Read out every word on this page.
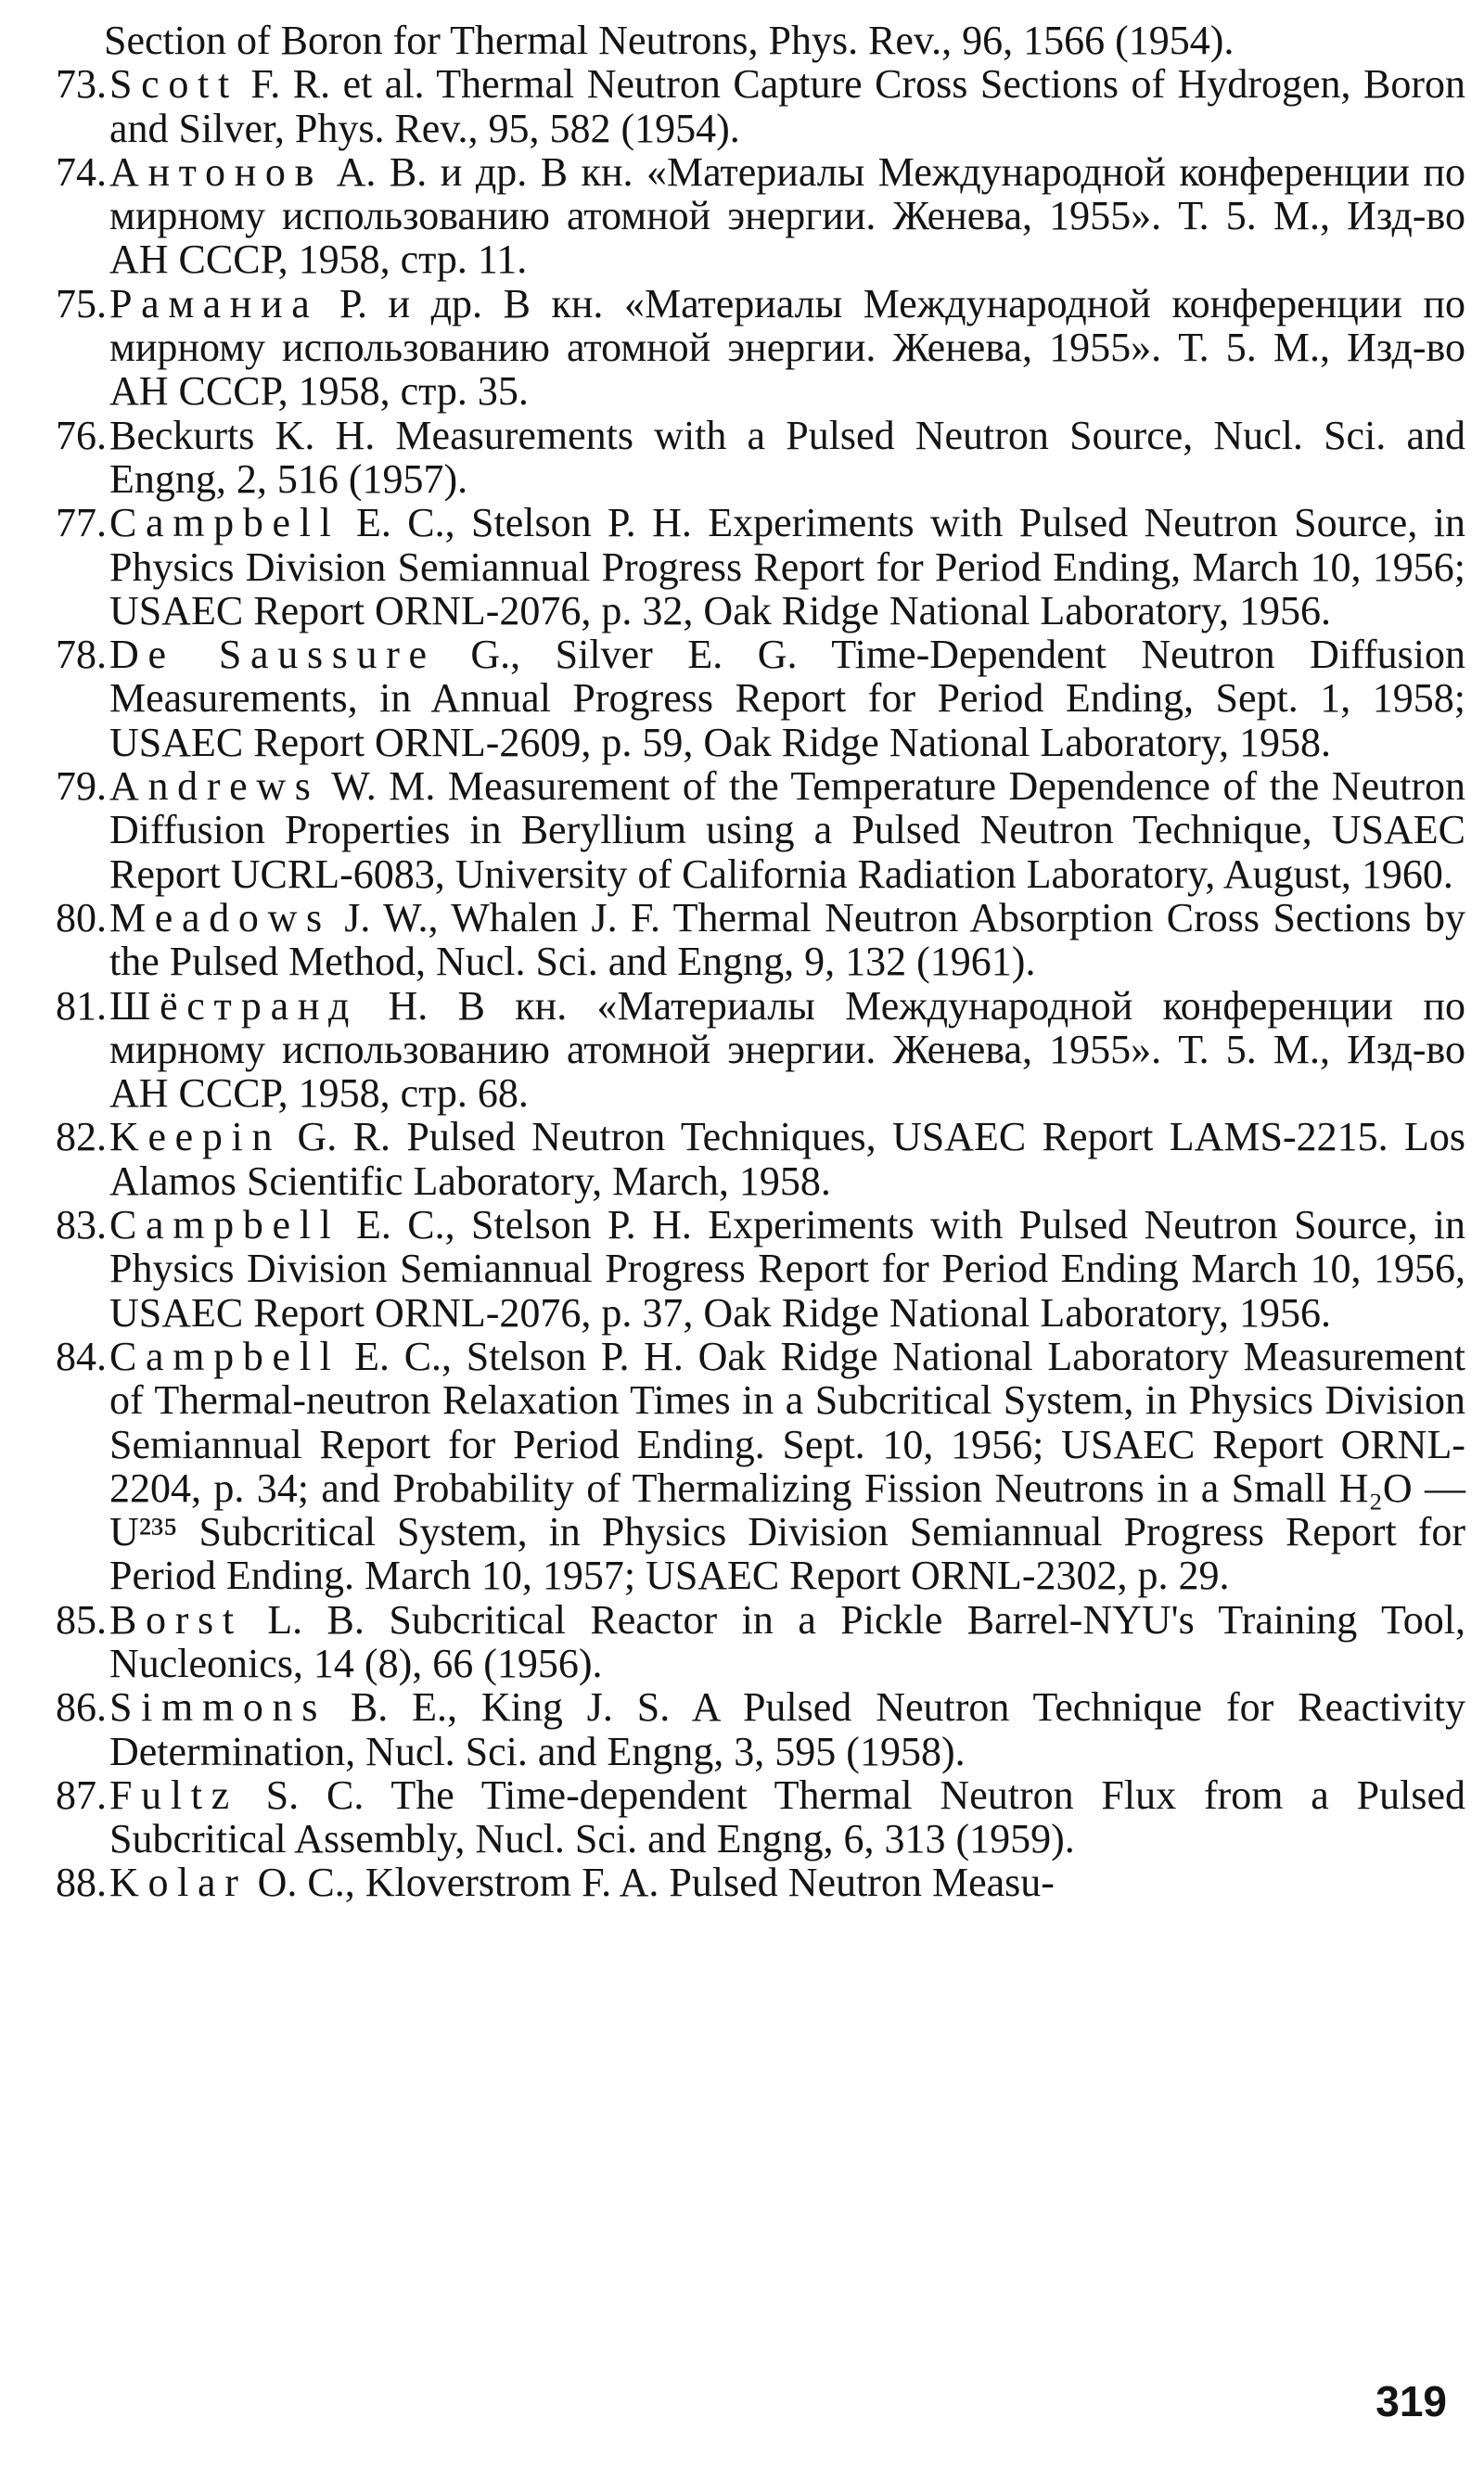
Section of Boron for Thermal Neutrons, Phys. Rev., 96, 1566 (1954).
73. Scott F. R. et al. Thermal Neutron Capture Cross Sections of Hydrogen, Boron and Silver, Phys. Rev., 95, 582 (1954).
74. Антонов А. В. и др. В кн. «Материалы Международной конференции по мирному использованию атомной энергии. Женева, 1955». Т. 5. М., Изд-во АН СССР, 1958, стр. 11.
75. Раманиа Р. и др. В кн. «Материалы Международной конференции по мирному использованию атомной энергии. Женева, 1955». Т. 5. М., Изд-во АН СССР, 1958, стр. 35.
76. Beckurts K. H. Measurements with a Pulsed Neutron Source, Nucl. Sci. and Engng, 2, 516 (1957).
77. Campbell E. C., Stelson P. H. Experiments with Pulsed Neutron Source, in Physics Division Semiannual Progress Report for Period Ending, March 10, 1956; USAEC Report ORNL-2076, p. 32, Oak Ridge National Laboratory, 1956.
78. De Saussure G., Silver E. G. Time-Dependent Neutron Diffusion Measurements, in Annual Progress Report for Period Ending, Sept. 1, 1958; USAEC Report ORNL-2609, p. 59, Oak Ridge National Laboratory, 1958.
79. Andrews W. M. Measurement of the Temperature Dependence of the Neutron Diffusion Properties in Beryllium using a Pulsed Neutron Technique, USAEC Report UCRL-6083, University of California Radiation Laboratory, August, 1960.
80. Meadows J. W., Whalen J. F. Thermal Neutron Absorption Cross Sections by the Pulsed Method, Nucl. Sci. and Engng, 9, 132 (1961).
81. Шёстранд Н. В кн. «Материалы Международной конференции по мирному использованию атомной энергии. Женева, 1955». Т. 5. М., Изд-во АН СССР, 1958, стр. 68.
82. Keepin G. R. Pulsed Neutron Techniques, USAEC Report LAMS-2215. Los Alamos Scientific Laboratory, March, 1958.
83. Campbell E. C., Stelson P. H. Experiments with Pulsed Neutron Source, in Physics Division Semiannual Progress Report for Period Ending March 10, 1956, USAEC Report ORNL-2076, p. 37, Oak Ridge National Laboratory, 1956.
84. Campbell E. C., Stelson P. H. Oak Ridge National Laboratory Measurement of Thermal-neutron Relaxation Times in a Subcritical System, in Physics Division Semiannual Report for Period Ending. Sept. 10, 1956; USAEC Report ORNL-2204, p. 34; and Probability of Thermalizing Fission Neutrons in a Small H₂O — U²³⁵ Subcritical System, in Physics Division Semiannual Progress Report for Period Ending. March 10, 1957; USAEC Report ORNL-2302, p. 29.
85. Borst L. B. Subcritical Reactor in a Pickle Barrel-NYU's Training Tool, Nucleonics, 14 (8), 66 (1956).
86. Simmons B. E., King J. S. A Pulsed Neutron Technique for Reactivity Determination, Nucl. Sci. and Engng, 3, 595 (1958).
87. Fultz S. C. The Time-dependent Thermal Neutron Flux from a Pulsed Subcritical Assembly, Nucl. Sci. and Engng, 6, 313 (1959).
88. Kolar O. C., Kloverstrom F. A. Pulsed Neutron Measu-
319
